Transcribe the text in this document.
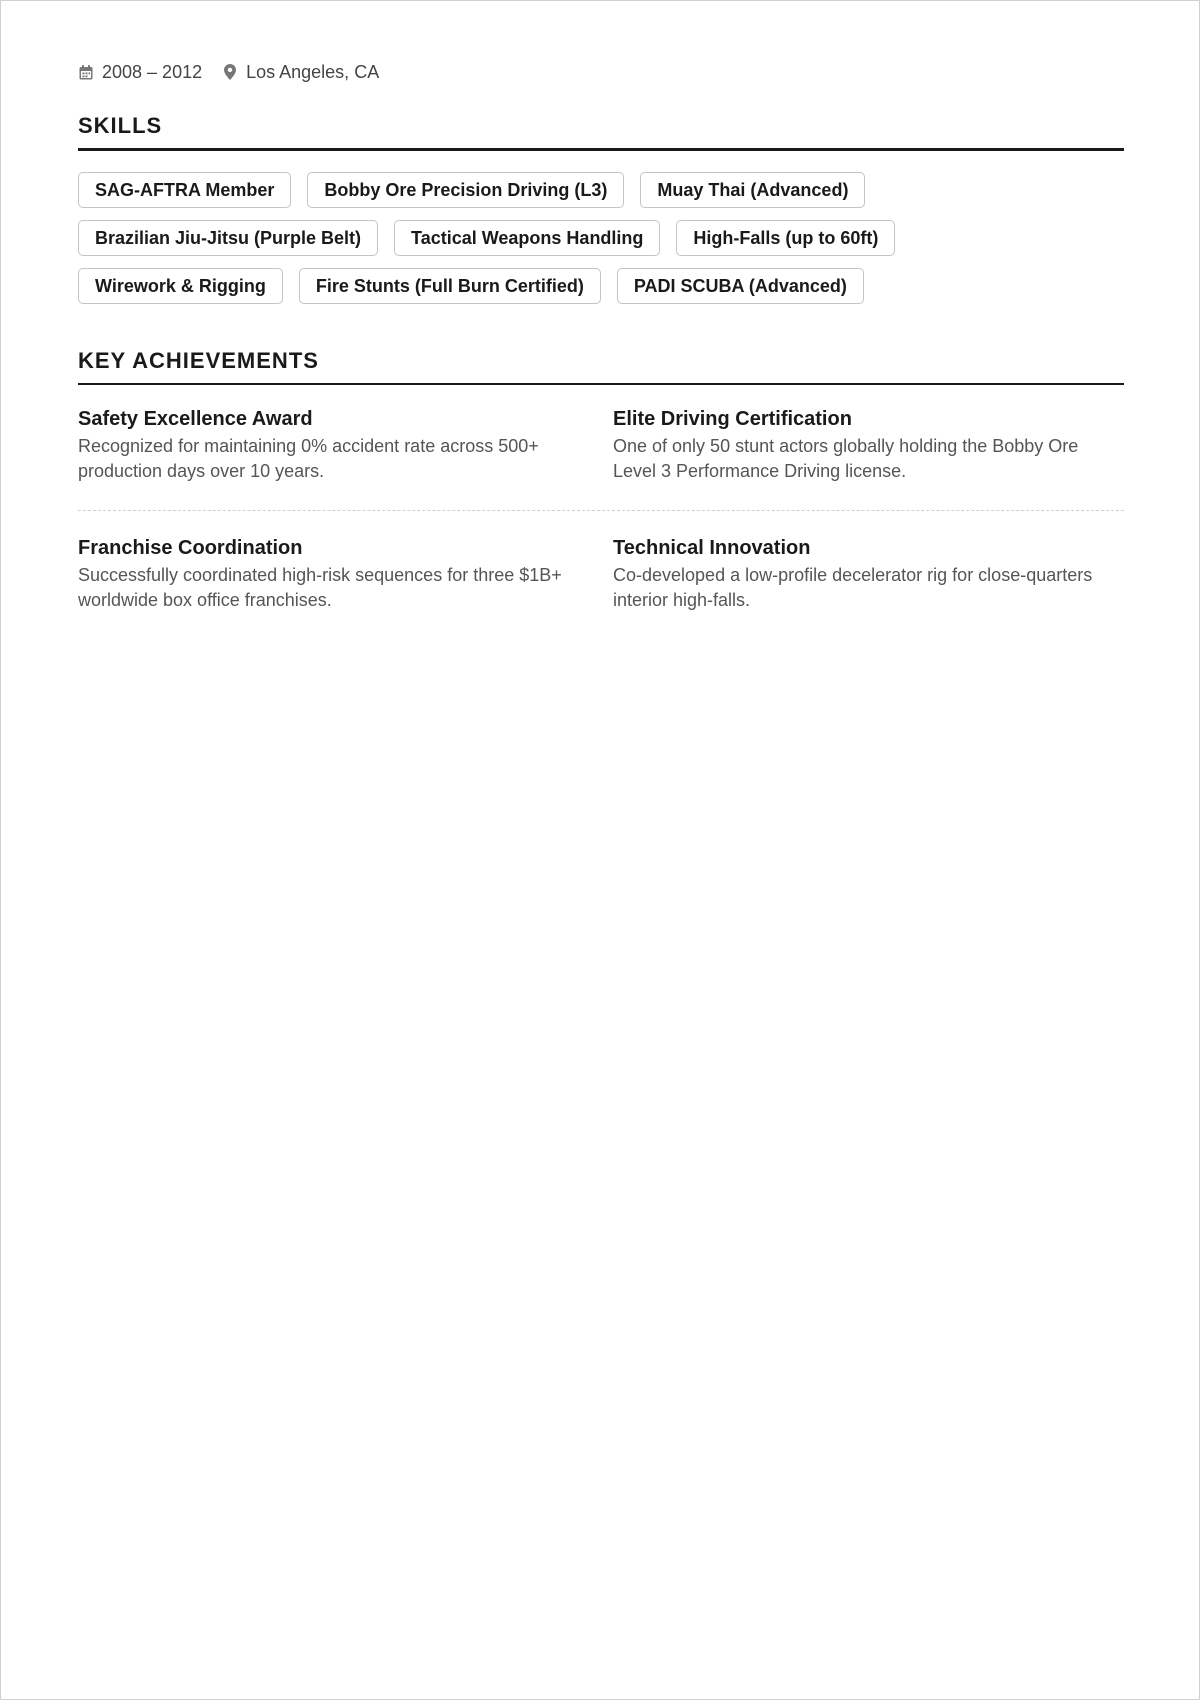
2008 – 2012 Los Angeles, CA
SKILLS
SAG-AFTRA Member	Bobby Ore Precision Driving (L3)	Muay Thai (Advanced)
Brazilian Jiu-Jitsu (Purple Belt)	Tactical Weapons Handling	High-Falls (up to 60ft)
Wirework & Rigging	Fire Stunts (Full Burn Certified)	PADI SCUBA (Advanced)
KEY ACHIEVEMENTS
Safety Excellence Award
Recognized for maintaining 0% accident rate across 500+ production days over 10 years.
Elite Driving Certification
One of only 50 stunt actors globally holding the Bobby Ore Level 3 Performance Driving license.
Franchise Coordination
Successfully coordinated high-risk sequences for three $1B+ worldwide box office franchises.
Technical Innovation
Co-developed a low-profile decelerator rig for close-quarters interior high-falls.
